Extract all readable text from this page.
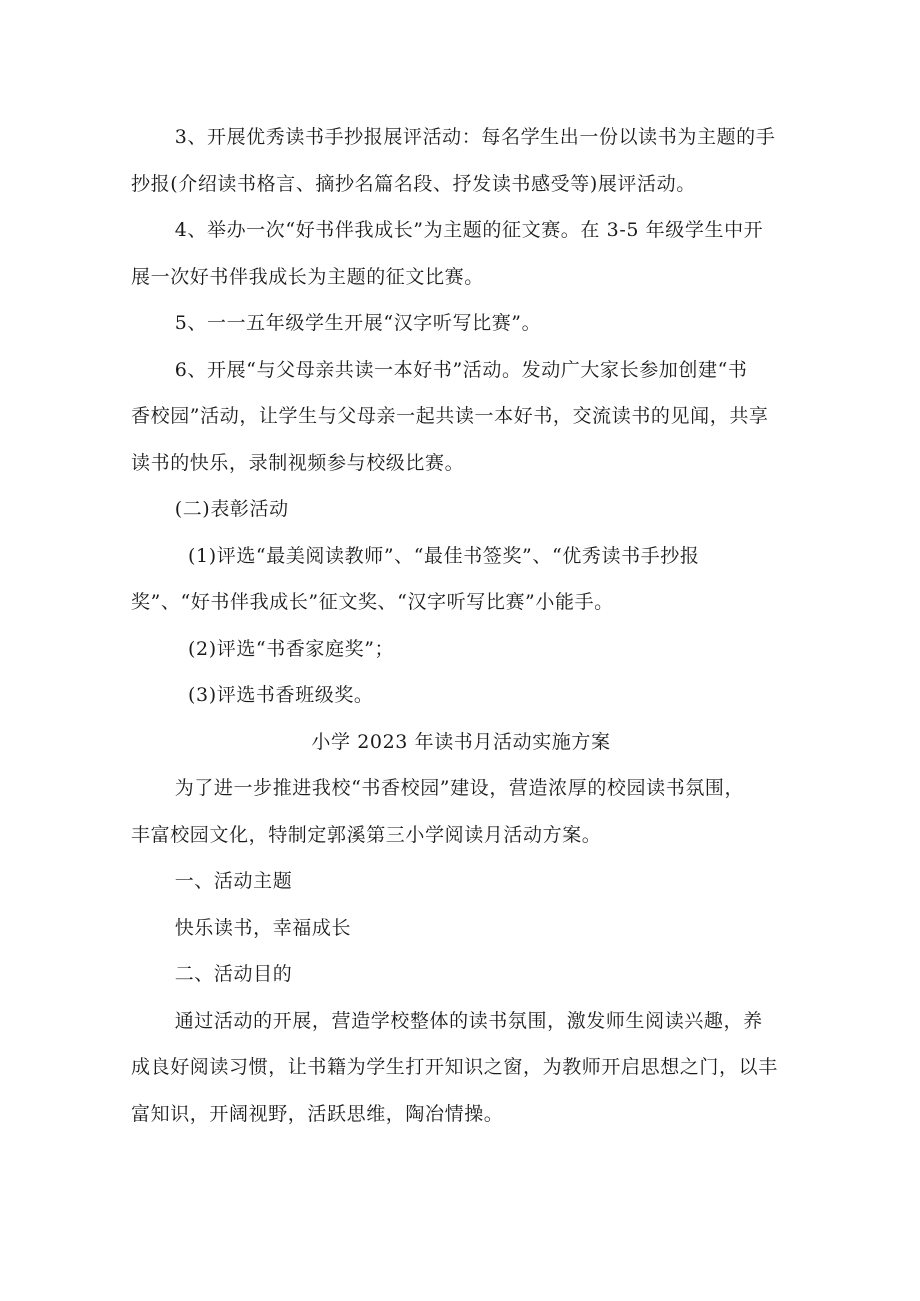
3、开展优秀读书手抄报展评活动：每名学生出一份以读书为主题的手

抄报(介绍读书格言、摘抄名篇名段、抒发读书感受等)展评活动。

4、举办一次“好书伴我成长”为主题的征文赛。在 3-5 年级学生中开

展一次好书伴我成长为主题的征文比赛。

5、一一五年级学生开展“汉字听写比赛”。

6、开展“与父母亲共读一本好书”活动。发动广大家长参加创建“书

香校园”活动，让学生与父母亲一起共读一本好书，交流读书的见闻，共享

读书的快乐，录制视频参与校级比赛。

(二)表彰活动

(1)评选“最美阅读教师”、“最佳书签奖”、“优秀读书手抄报

奖”、“好书伴我成长”征文奖、“汉字听写比赛”小能手。

(2)评选“书香家庭奖”；

(3)评选书香班级奖。

小学 2023 年读书月活动实施方案

为了进一步推进我校“书香校园”建设，营造浓厚的校园读书氛围，

丰富校园文化，特制定郭溪第三小学阅读月活动方案。

一、活动主题

快乐读书，幸福成长

二、活动目的

通过活动的开展，营造学校整体的读书氛围，激发师生阅读兴趣，养

成良好阅读习惯，让书籍为学生打开知识之窗，为教师开启思想之门，以丰

富知识，开阔视野，活跃思维，陶冶情操。
